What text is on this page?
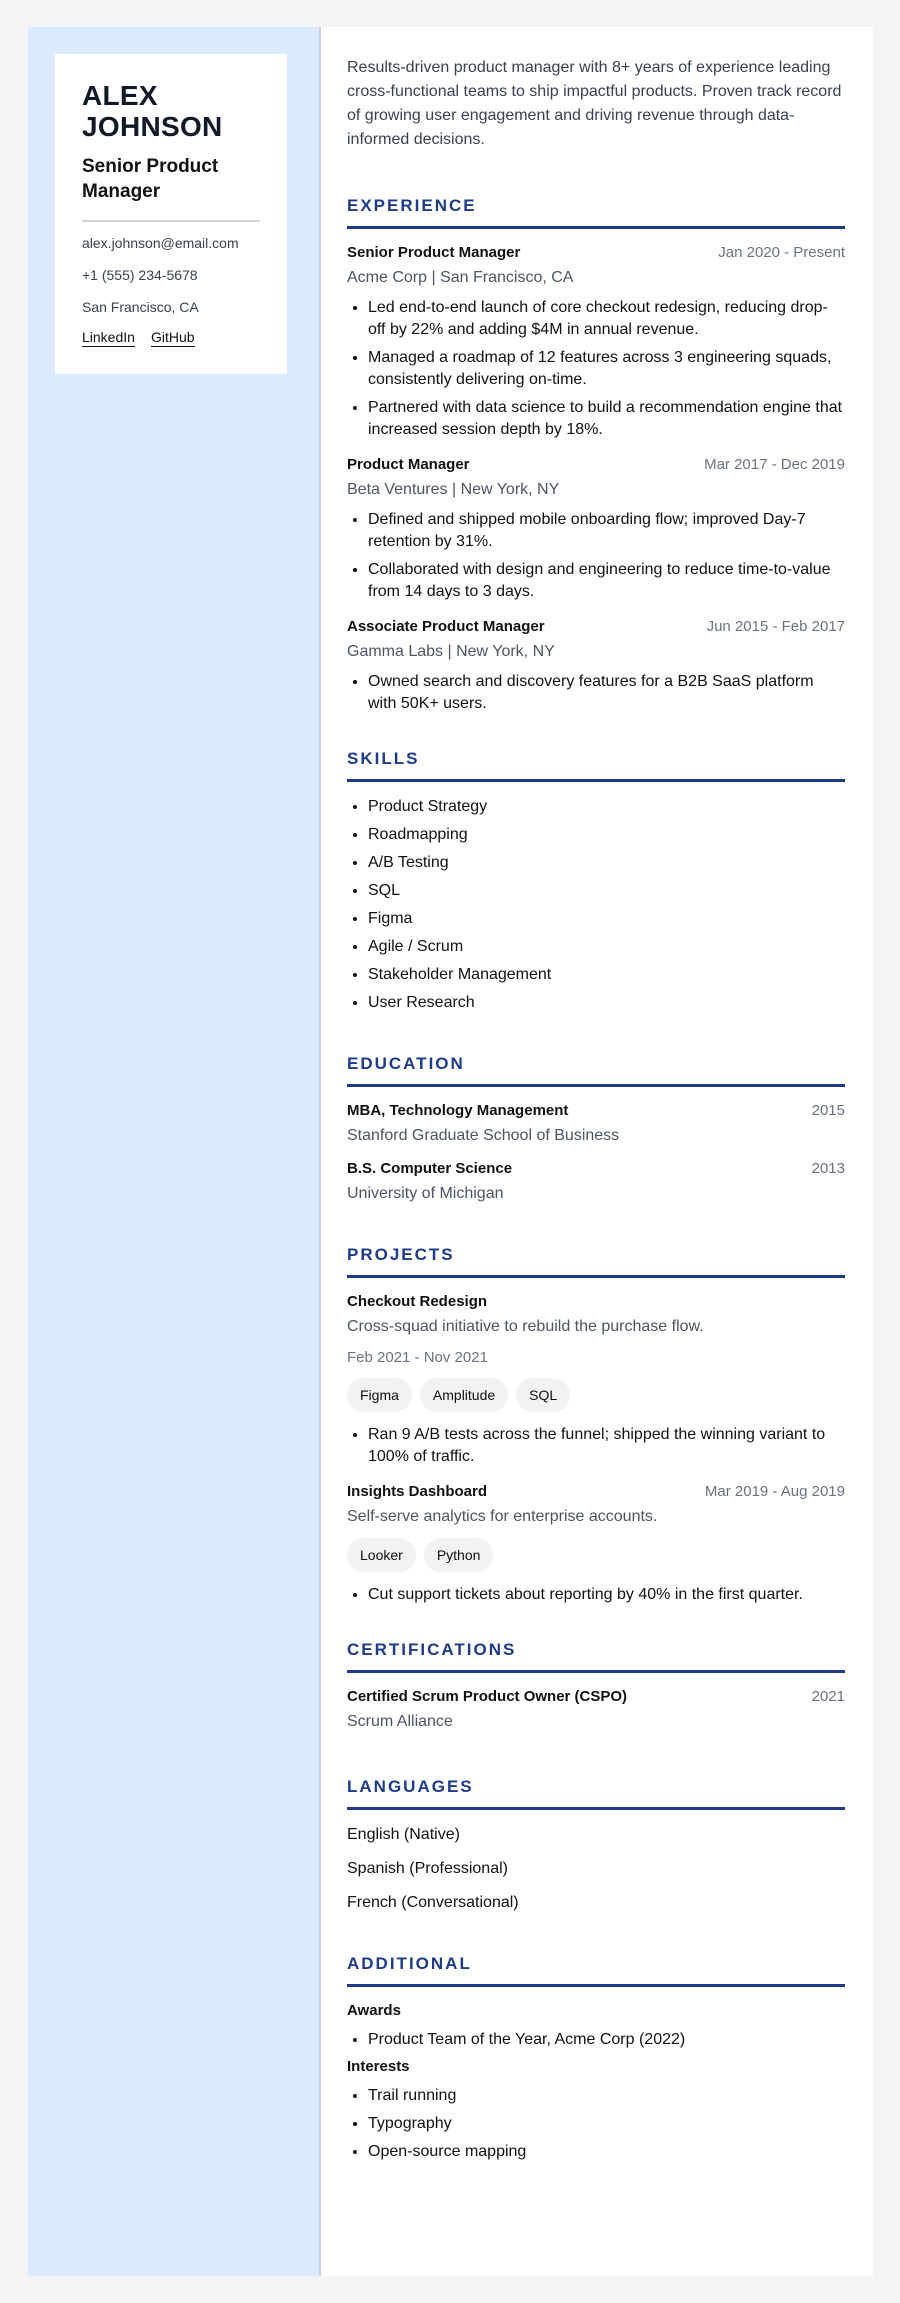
ALEX
JOHNSON
Senior Product Manager
alex.johnson@email.com
+1 (555) 234-5678
San Francisco, CA
LinkedIn GitHub

Results-driven product manager with 8+ years of experience leading cross-functional teams to ship impactful products. Proven track record of growing user engagement and driving revenue through data-informed decisions.

EXPERIENCE
Senior Product Manager	Jan 2020 - Present
Acme Corp | San Francisco, CA
• Led end-to-end launch of core checkout redesign, reducing drop-off by 22% and adding $4M in annual revenue.
• Managed a roadmap of 12 features across 3 engineering squads, consistently delivering on-time.
• Partnered with data science to build a recommendation engine that increased session depth by 18%.
Product Manager	Mar 2017 - Dec 2019
Beta Ventures | New York, NY
• Defined and shipped mobile onboarding flow; improved Day-7 retention by 31%.
• Collaborated with design and engineering to reduce time-to-value from 14 days to 3 days.
Associate Product Manager	Jun 2015 - Feb 2017
Gamma Labs | New York, NY
• Owned search and discovery features for a B2B SaaS platform with 50K+ users.
SKILLS
• Product Strategy
• Roadmapping
• A/B Testing
• SQL
• Figma
• Agile / Scrum
• Stakeholder Management
• User Research
EDUCATION
MBA, Technology Management	2015
Stanford Graduate School of Business
B.S. Computer Science	2013
University of Michigan
PROJECTS
Checkout Redesign
Cross-squad initiative to rebuild the purchase flow.
Feb 2021 - Nov 2021
Figma	Amplitude	SQL
• Ran 9 A/B tests across the funnel; shipped the winning variant to 100% of traffic.
Insights Dashboard	Mar 2019 - Aug 2019
Self-serve analytics for enterprise accounts.
Looker	Python
• Cut support tickets about reporting by 40% in the first quarter.
CERTIFICATIONS
Certified Scrum Product Owner (CSPO)	2021
Scrum Alliance
LANGUAGES
English (Native)
Spanish (Professional)
French (Conversational)
ADDITIONAL
Awards
• Product Team of the Year, Acme Corp (2022)
Interests
• Trail running
• Typography
• Open-source mapping
